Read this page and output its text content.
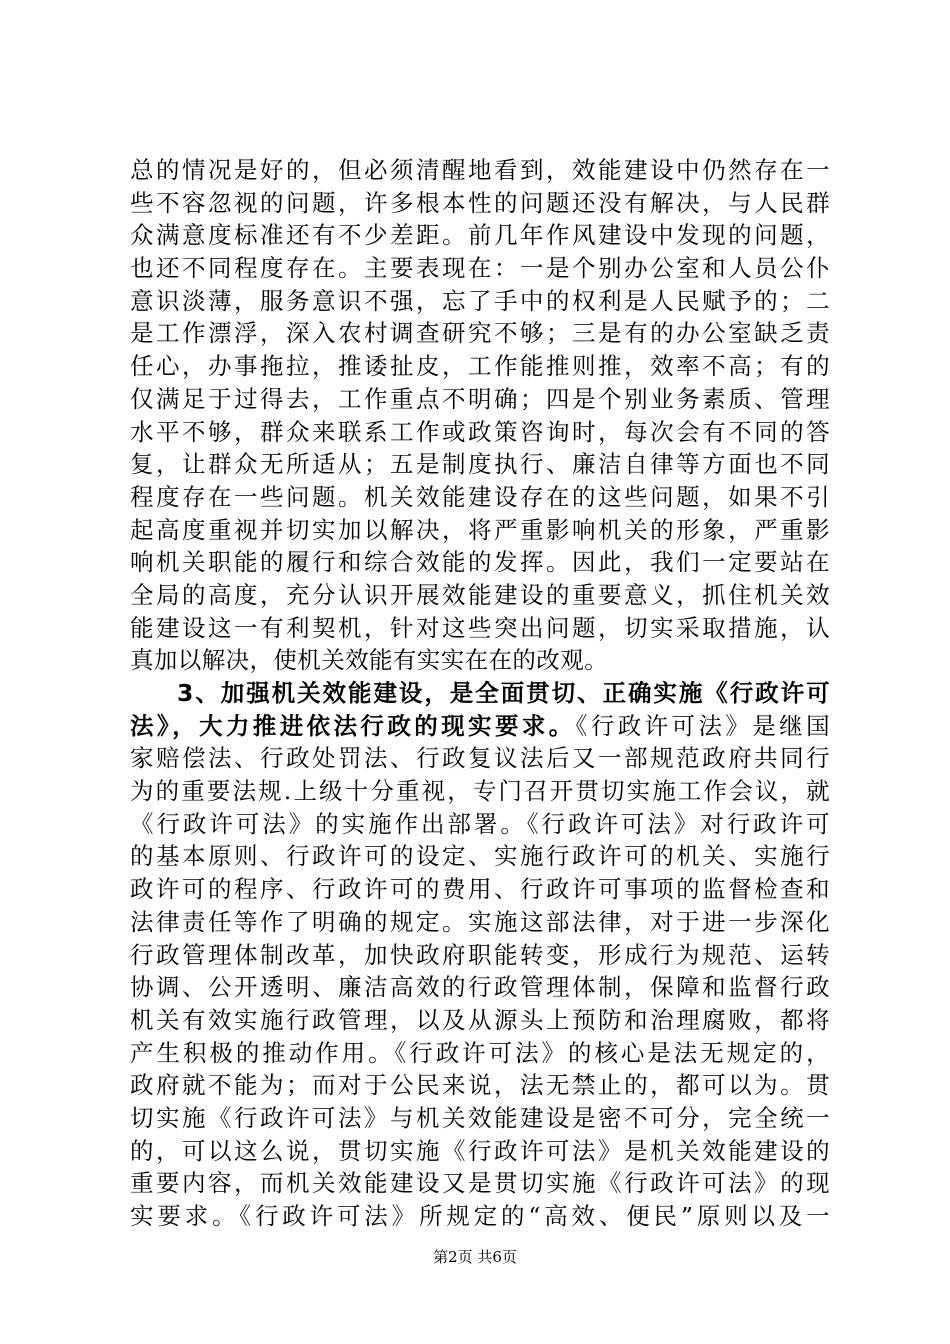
总的情况是好的，但必须清醒地看到，效能建设中仍然存在一
些不容忽视的问题，许多根本性的问题还没有解决，与人民群
众满意度标准还有不少差距。前几年作风建设中发现的问题，
也还不同程度存在。主要表现在：一是个别办公室和人员公仆
意识淡薄，服务意识不强，忘了手中的权利是人民赋予的；二
是工作漂浮，深入农村调查研究不够；三是有的办公室缺乏责
任心，办事拖拉，推诿扯皮，工作能推则推，效率不高；有的
仅满足于过得去，工作重点不明确；四是个别业务素质、管理
水平不够，群众来联系工作或政策咨询时，每次会有不同的答
复，让群众无所适从；五是制度执行、廉洁自律等方面也不同
程度存在一些问题。机关效能建设存在的这些问题，如果不引
起高度重视并切实加以解决，将严重影响机关的形象，严重影
响机关职能的履行和综合效能的发挥。因此，我们一定要站在
全局的高度，充分认识开展效能建设的重要意义，抓住机关效
能建设这一有利契机，针对这些突出问题，切实采取措施，认
真加以解决，使机关效能有实实在在的改观。
3、加强机关效能建设，是全面贯切、正确实施《行政许可
法》，大力推进依法行政的现实要求。《行政许可法》是继国
家赔偿法、行政处罚法、行政复议法后又一部规范政府共同行
为的重要法规.上级十分重视，专门召开贯切实施工作会议，就
《行政许可法》的实施作出部署。《行政许可法》对行政许可
的基本原则、行政许可的设定、实施行政许可的机关、实施行
政许可的程序、行政许可的费用、行政许可事项的监督检查和
法律责任等作了明确的规定。实施这部法律，对于进一步深化
行政管理体制改革，加快政府职能转变，形成行为规范、运转
协调、公开透明、廉洁高效的行政管理体制，保障和监督行政
机关有效实施行政管理，以及从源头上预防和治理腐败，都将
产生积极的推动作用。《行政许可法》的核心是法无规定的，
政府就不能为；而对于公民来说，法无禁止的，都可以为。贯
切实施《行政许可法》与机关效能建设是密不可分，完全统一
的，可以这么说，贯切实施《行政许可法》是机关效能建设的
重要内容，而机关效能建设又是贯切实施《行政许可法》的现
实要求。《行政许可法》所规定的“高效、便民”原则以及一
第2页 共6页
